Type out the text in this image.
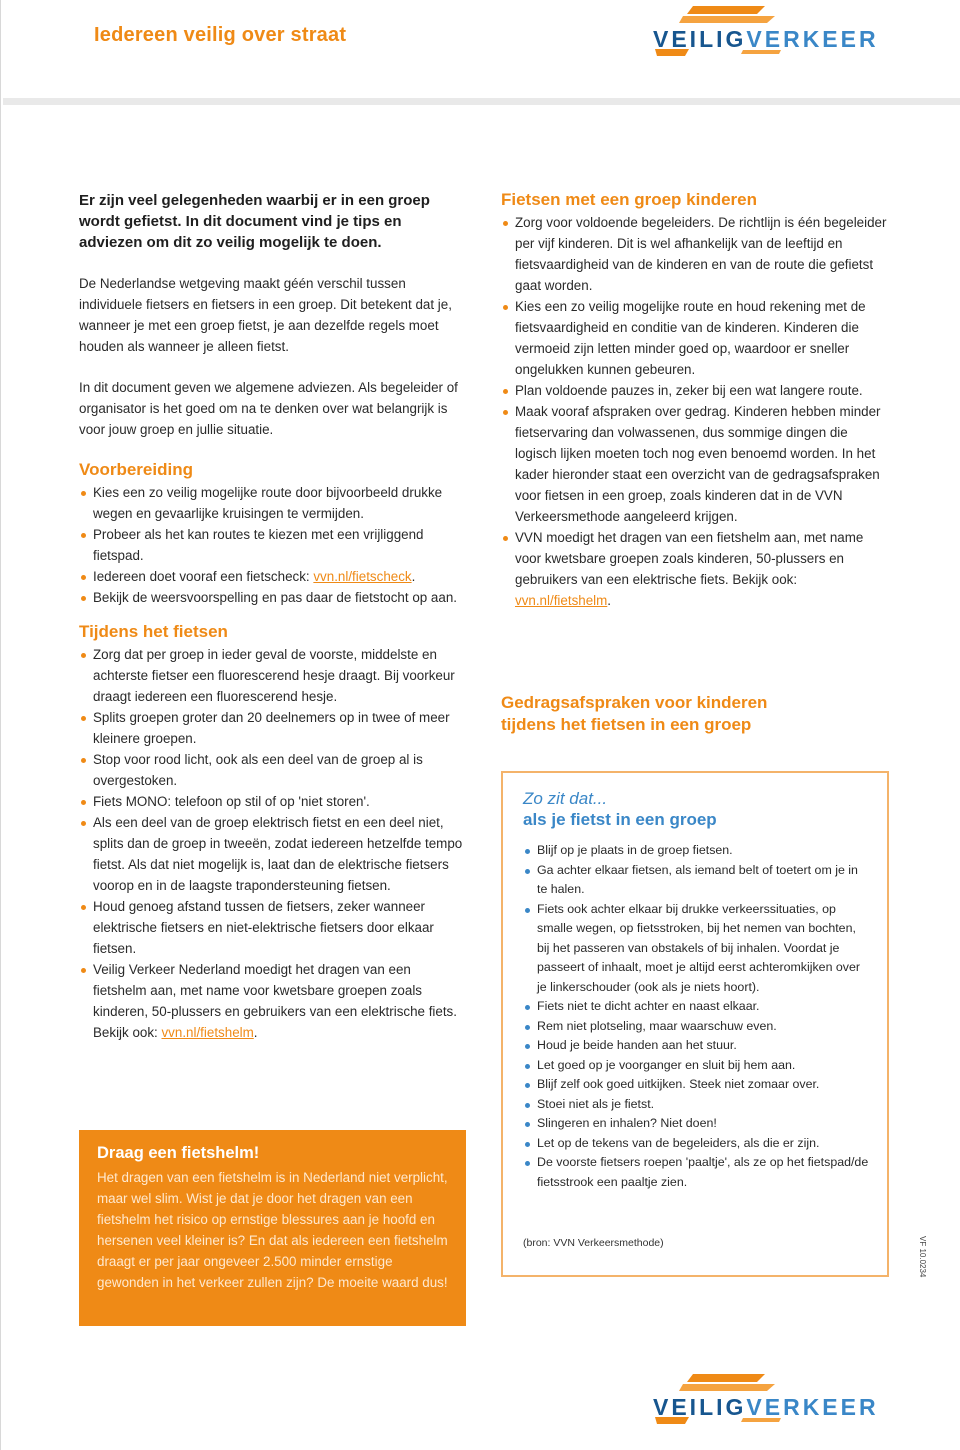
Iedereen veilig over straat	VEILIGVERKEER

Er zijn veel gelegenheden waarbij er in een groep wordt gefietst. In dit document vind je tips en adviezen om dit zo veilig mogelijk te doen.

De Nederlandse wetgeving maakt géén verschil tussen individuele fietsers en fietsers in een groep. Dit betekent dat je, wanneer je met een groep fietst, je aan dezelfde regels moet houden als wanneer je alleen fietst.

In dit document geven we algemene adviezen. Als begeleider of organisator is het goed om na te denken over wat belangrijk is voor jouw groep en jullie situatie.

Voorbereiding
Kies een zo veilig mogelijke route door bijvoorbeeld drukke wegen en gevaarlijke kruisingen te vermijden.
Probeer als het kan routes te kiezen met een vrijliggend fietspad.
Iedereen doet vooraf een fietscheck: vvn.nl/fietscheck.
Bekijk de weersvoorspelling en pas daar de fietstocht op aan.
Tijdens het fietsen
Zorg dat per groep in ieder geval de voorste, middelste en achterste fietser een fluorescerend hesje draagt. Bij voorkeur draagt iedereen een fluorescerend hesje.
Splits groepen groter dan 20 deelnemers op in twee of meer kleinere groepen.
Stop voor rood licht, ook als een deel van de groep al is overgestoken.
Fiets MONO: telefoon op stil of op 'niet storen'.
Als een deel van de groep elektrisch fietst en een deel niet, splits dan de groep in tweeën, zodat iedereen hetzelfde tempo fietst. Als dat niet mogelijk is, laat dan de elektrische fietsers voorop en in de laagste trapondersteuning fietsen.
Houd genoeg afstand tussen de fietsers, zeker wanneer elektrische fietsers en niet-elektrische fietsers door elkaar fietsen.
Veilig Verkeer Nederland moedigt het dragen van een fietshelm aan, met name voor kwetsbare groepen zoals kinderen, 50-plussers en gebruikers van een elektrische fiets. Bekijk ook: vvn.nl/fietshelm.
Draag een fietshelm!

Het dragen van een fietshelm is in Nederland niet verplicht, maar wel slim. Wist je dat je door het dragen van een fietshelm het risico op ernstige blessures aan je hoofd en hersenen veel kleiner is? En dat als iedereen een fietshelm draagt er per jaar ongeveer 2.500 minder ernstige gewonden in het verkeer zullen zijn? De moeite waard dus!

Fietsen met een groep kinderen
Zorg voor voldoende begeleiders. De richtlijn is één begeleider per vijf kinderen. Dit is wel afhankelijk van de leeftijd en fietsvaardigheid van de kinderen en van de route die gefietst gaat worden.
Kies een zo veilig mogelijke route en houd rekening met de fietsvaardigheid en conditie van de kinderen. Kinderen die vermoeid zijn letten minder goed op, waardoor er sneller ongelukken kunnen gebeuren.
Plan voldoende pauzes in, zeker bij een wat langere route.
Maak vooraf afspraken over gedrag. Kinderen hebben minder fietservaring dan volwassenen, dus sommige dingen die logisch lijken moeten toch nog even benoemd worden. In het kader hieronder staat een overzicht van de gedragsafspraken voor fietsen in een groep, zoals kinderen dat in de VVN Verkeersmethode aangeleerd krijgen.
VVN moedigt het dragen van een fietshelm aan, met name voor kwetsbare groepen zoals kinderen, 50-plussers en gebruikers van een elektrische fiets. Bekijk ook: vvn.nl/fietshelm.
Gedragsafspraken voor kinderen
tijdens het fietsen in een groep
Zo zit dat...
als je fietst in een groep
Blijf op je plaats in de groep fietsen.
Ga achter elkaar fietsen, als iemand belt of toetert om je in te halen.
Fiets ook achter elkaar bij drukke verkeerssituaties, op smalle wegen, op fietsstroken, bij het nemen van bochten, bij het passeren van obstakels of bij inhalen. Voordat je passeert of inhaalt, moet je altijd eerst achteromkijken over je linkerschouder (ook als je niets hoort).
Fiets niet te dicht achter en naast elkaar.
Rem niet plotseling, maar waarschuw even.
Houd je beide handen aan het stuur.
Let goed op je voorganger en sluit bij hem aan.
Blijf zelf ook goed uitkijken. Steek niet zomaar over.
Stoei niet als je fietst.
Slingeren en inhalen? Niet doen!
Let op de tekens van de begeleiders, als die er zijn.
De voorste fietsers roepen 'paaltje', als ze op het fietspad/de fietsstrook een paaltje zien.
(bron: VVN Verkeersmethode)	VF 10.0234
VEILIGVERKEER
